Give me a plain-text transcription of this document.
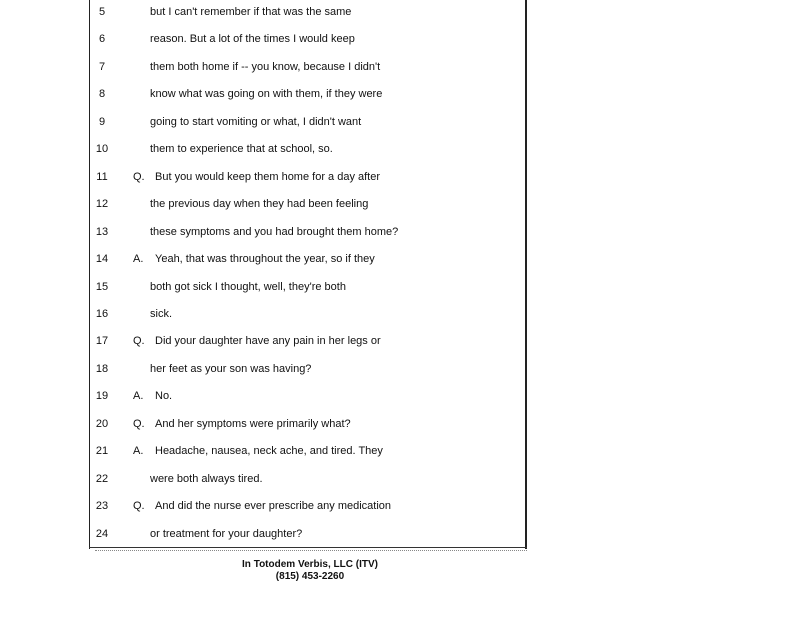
5	but I can't remember if that was the same
6	reason. But a lot of the times I would keep
7	them both home if -- you know, because I didn't
8	know what was going on with them, if they were
9	going to start vomiting or what, I didn't want
10	them to experience that at school, so.
11	Q. But you would keep them home for a day after
12	the previous day when they had been feeling
13	these symptoms and you had brought them home?
14	A. Yeah, that was throughout the year, so if they
15	both got sick I thought, well, they're both
16	sick.
17	Q. Did your daughter have any pain in her legs or
18	her feet as your son was having?
19	A. No.
20	Q. And her symptoms were primarily what?
21	A. Headache, nausea, neck ache, and tired. They
22	were both always tired.
23	Q. And did the nurse ever prescribe any medication
24	or treatment for your daughter?
In Totodem Verbis, LLC (ITV)
(815) 453-2260
